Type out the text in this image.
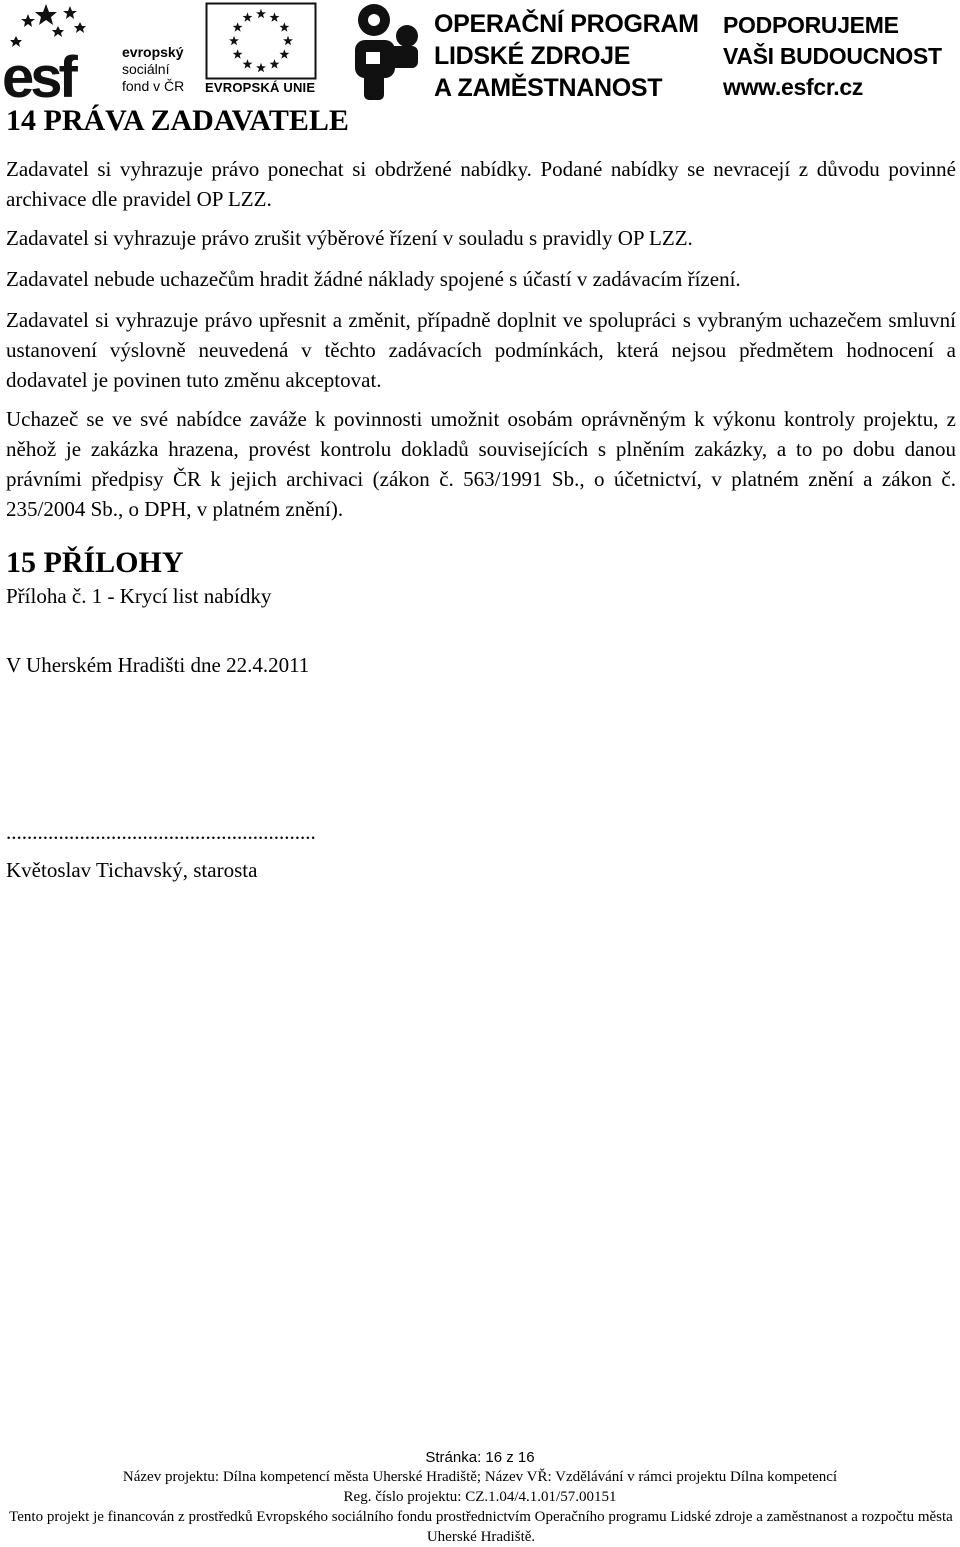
esf	evropský
sociální
fond v ČR EVROPSKÁ UNIE
OPERAČNÍ PROGRAM
LIDSKÉ ZDROJE
A ZAMĚSTNANOST
PODPORUJEME
VAŠI BUDOUCNOST
www.esfcr.cz
14 PRÁVA ZADAVATELE
Zadavatel si vyhrazuje právo ponechat si obdržené nabídky. Podané nabídky se nevracejí z důvodu povinné archivace dle pravidel OP LZZ.
Zadavatel si vyhrazuje právo zrušit výběrové řízení v souladu s pravidly OP LZZ.
Zadavatel nebude uchazečům hradit žádné náklady spojené s účastí v zadávacím řízení.
Zadavatel si vyhrazuje právo upřesnit a změnit, případně doplnit ve spolupráci s vybraným uchazečem smluvní ustanovení výslovně neuvedená v těchto zadávacích podmínkách, která nejsou předmětem hodnocení a dodavatel je povinen tuto změnu akceptovat.
Uchazeč se ve své nabídce zaváže k povinnosti umožnit osobám oprávněným k výkonu kontroly projektu, z něhož je zakázka hrazena, provést kontrolu dokladů souvisejících s plněním zakázky, a to po dobu danou právními předpisy ČR k jejich archivaci (zákon č. 563/1991 Sb., o účetnictví, v platném znění a zákon č. 235/2004 Sb., o DPH, v platném znění).
15 PŘÍLOHY
Příloha č. 1 - Krycí list nabídky
V Uherském Hradišti dne 22.4.2011
...........................................................
Květoslav Tichavský, starosta
Stránka: 16 z 16
Název projektu: Dílna kompetencí města Uherské Hradiště; Název VŘ: Vzdělávání v rámci projektu Dílna kompetencí
Reg. číslo projektu: CZ.1.04/4.1.01/57.00151
Tento projekt je financován z prostředků Evropského sociálního fondu prostřednictvím Operačního programu Lidské zdroje a zaměstnanost a rozpočtu města Uherské Hradiště.
